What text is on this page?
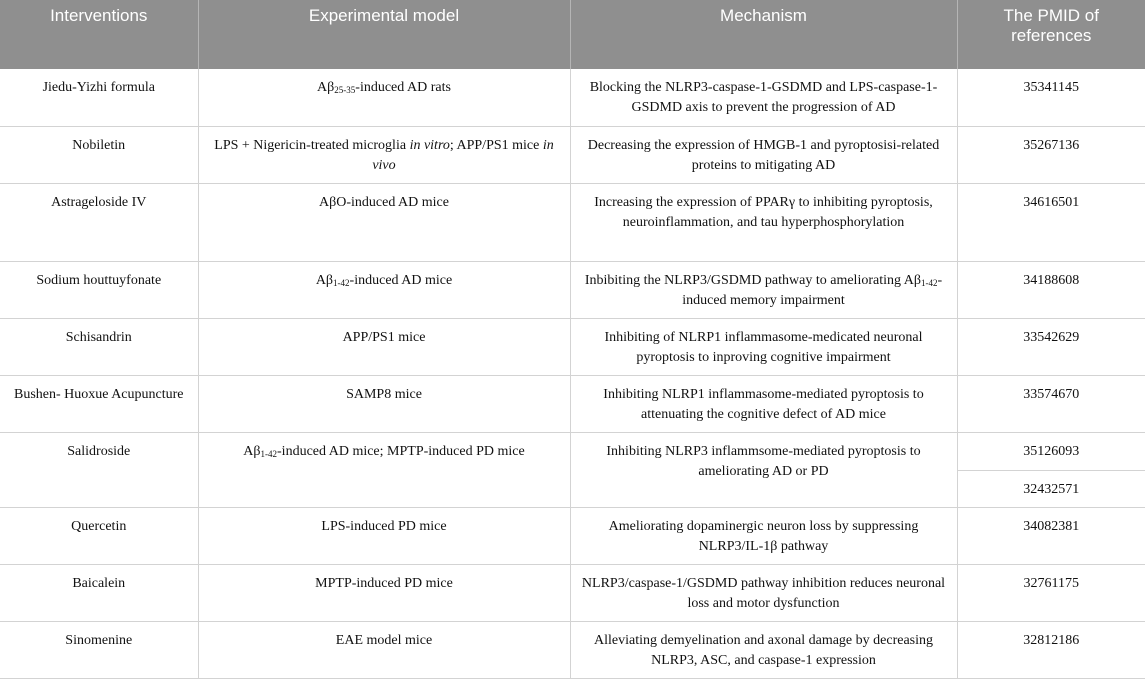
Interventions	Experimental model	Mechanism	The PMID of references
Jiedu-Yizhi formula	$A\beta_{25-35}$-induced AD rats	Blocking the NLRP3-caspase-1-GSDMD and LPS-caspase-1-GSDMD axis to prevent the progression of AD	35341145
Nobiletin	LPS + Nigericin-treated microglia in vitro; APP/PS1 mice in vivo	Decreasing the expression of HMGB-1 and pyroptosisi-related proteins to mitigating AD	35267136
Astrageloside IV	AβO-induced AD mice	Increasing the expression of PPARγ to inhibiting pyroptosis, neuroinflammation, and tau hyperphosphorylation	34616501
Sodium houttuyfonate	$A\beta_{1-42}$-induced AD mice	Inbibiting the NLRP3/GSDMD pathway to ameliorating $A\beta_{1-42}$-induced memory impairment	34188608
Schisandrin	APP/PS1 mice	Inhibiting of NLRP1 inflammasome-medicated neuronal pyroptosis to inproving cognitive impairment	33542629
Bushen- Huoxue Acupuncture	SAMP8 mice	Inhibiting NLRP1 inflammasome-mediated pyroptosis to attenuating the cognitive defect of AD mice	33574670
Salidroside	$A\beta_{1-42}$-induced AD mice; MPTP-induced PD mice	Inhibiting NLRP3 inflammsome-mediated pyroptosis to ameliorating AD or PD	35126093
			32432571
Quercetin	LPS-induced PD mice	Ameliorating dopaminergic neuron loss by suppressing NLRP3/IL-1β pathway	34082381
Baicalein	MPTP-induced PD mice	NLRP3/caspase-1/GSDMD pathway inhibition reduces neuronal loss and motor dysfunction	32761175
Sinomenine	EAE model mice	Alleviating demyelination and axonal damage by decreasing NLRP3, ASC, and caspase-1 expression	32812186
